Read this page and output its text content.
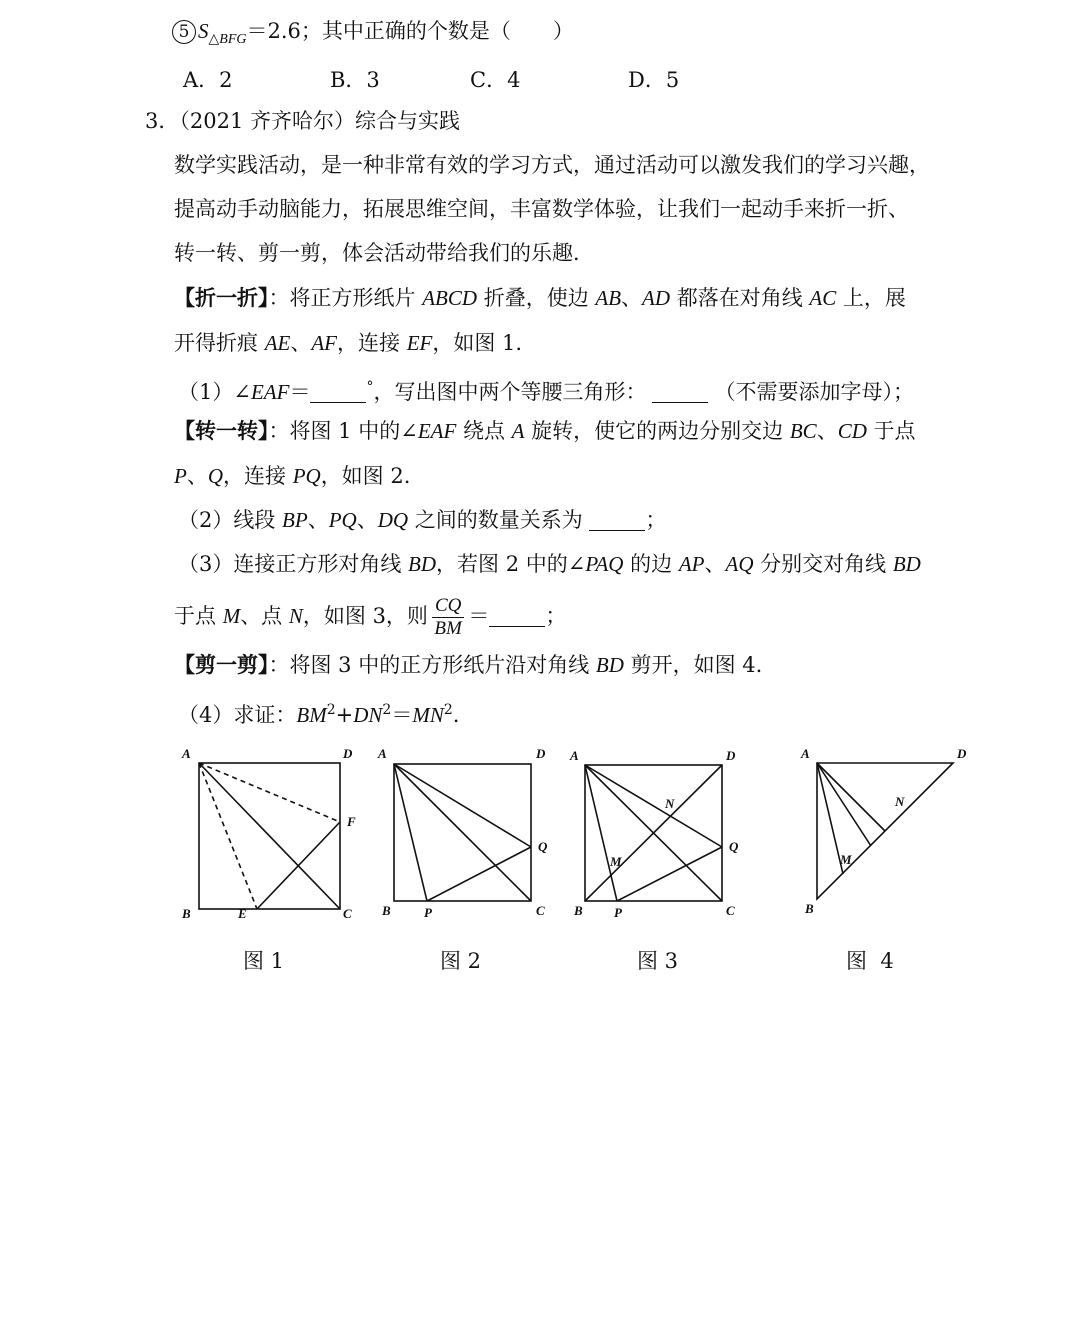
5 $S_{\triangle BFG}=2.6$；其中正确的个数是（　　）
A．2	B．3	C．4	D．5
3．（2021 齐齐哈尔）综合与实践
数学实践活动，是一种非常有效的学习方式，通过活动可以激发我们的学习兴趣，
提高动手动脑能力，拓展思维空间，丰富数学体验，让我们一起动手来折一折、
转一转、剪一剪，体会活动带给我们的乐趣．
【折一折】：将正方形纸片 ABCD 折叠，使边 AB、AD 都落在对角线 AC 上，展
开得折痕 AE、AF，连接 EF，如图 1.
（1）∠EAF＝	°，写出图中两个等腰三角形：	（不需要添加字母）；
【转一转】：将图 1 中的∠EAF 绕点 A 旋转，使它的两边分别交边 BC、CD 于点
P、Q，连接 PQ，如图 2.
（2）线段 BP、PQ、DQ 之间的数量关系为	；
（3）连接正方形对角线 BD，若图 2 中的∠PAQ 的边 AP、AQ 分别交对角线 BD
于点 M、点 N，如图 3，则 $\frac{CQ}{BM}$ ＝	；
【剪一剪】：将图 3 中的正方形纸片沿对角线 BD 剪开，如图 4.
（4）求证：$BM^2+DN^2=MN^2$.
A	D
B	C
E
F
A	D
B	C
P
Q
A	D
B	C
P
Q
M
N
A	D
B
M
N
图 1	图 2	图 3	图  4
